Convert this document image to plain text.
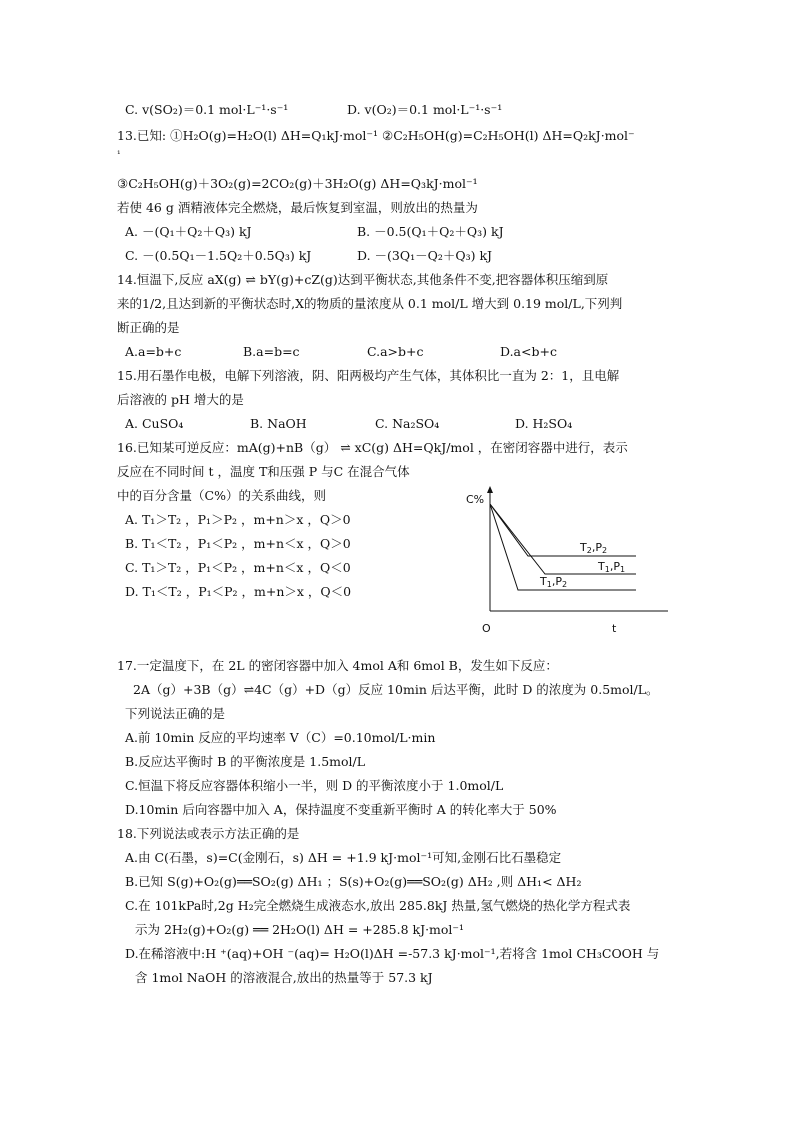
C. v(SO₂)＝0.1 mol·L⁻¹·s⁻¹	D. v(O₂)＝0.1 mol·L⁻¹·s⁻¹
13.已知: ①H₂O(g)=H₂O(l) ΔH=Q₁kJ·mol⁻¹ ②C₂H₅OH(g)=C₂H₅OH(l) ΔH=Q₂kJ·mol⁻
¹
③C₂H₅OH(g)＋3O₂(g)=2CO₂(g)＋3H₂O(g) ΔH=Q₃kJ·mol⁻¹
若使 46 g 酒精液体完全燃烧，最后恢复到室温，则放出的热量为
A. －(Q₁＋Q₂＋Q₃) kJ	B. －0.5(Q₁＋Q₂＋Q₃) kJ
C. －(0.5Q₁－1.5Q₂＋0.5Q₃) kJ	D. －(3Q₁－Q₂＋Q₃) kJ
14.恒温下,反应 aX(g) ⇌ bY(g)+cZ(g)达到平衡状态,其他条件不变,把容器体积压缩到原
来的1/2,且达到新的平衡状态时,X的物质的量浓度从 0.1 mol/L 增大到 0.19 mol/L,下列判
断正确的是
A.a=b+c	B.a=b=c	C.a>b+c	D.a<b+c
15.用石墨作电极，电解下列溶液，阴、阳两极均产生气体，其体积比一直为 2：1，且电解
后溶液的 pH 增大的是
A. CuSO₄	B. NaOH	C. Na₂SO₄	D. H₂SO₄
16.已知某可逆反应：mA(g)+nB（g） ⇌ xC(g) ΔH=QkJ/mol ，在密闭容器中进行，表示
反应在不同时间 t ，温度 T和压强 P 与C 在混合气体
中的百分含量（C%）的关系曲线，则
A. T₁＞T₂ ，P₁＞P₂ ，m+n＞x ，Q＞0
B. T₁＜T₂ ，P₁＜P₂ ，m+n＜x ，Q＞0
C. T₁＞T₂ ，P₁＜P₂ ，m+n＜x ，Q＜0
D. T₁＜T₂ ，P₁＜P₂ ，m+n＞x ，Q＜0
C%
O	t
T2,P2
T1,P1
T1,P2
17.一定温度下，在 2L 的密闭容器中加入 4mol A和 6mol B，发生如下反应：
2A（g）+3B（g）⇌4C（g）+D（g）反应 10min 后达平衡，此时 D 的浓度为 0.5mol/L。
下列说法正确的是
A.前 10min 反应的平均速率 V（C）=0.10mol/L·min
B.反应达平衡时 B 的平衡浓度是 1.5mol/L
C.恒温下将反应容器体积缩小一半，则 D 的平衡浓度小于 1.0mol/L
D.10min 后向容器中加入 A，保持温度不变重新平衡时 A 的转化率大于 50%
18.下列说法或表示方法正确的是
A.由 C(石墨，s)=C(金刚石，s) ΔH = +1.9 kJ·mol⁻¹可知,金刚石比石墨稳定
B.已知 S(g)+O₂(g)══SO₂(g) ΔH₁ ；S(s)+O₂(g)══SO₂(g) ΔH₂ ,则 ΔH₁< ΔH₂
C.在 101kPa时,2g H₂完全燃烧生成液态水,放出 285.8kJ 热量,氢气燃烧的热化学方程式表
示为 2H₂(g)+O₂(g) ══ 2H₂O(l) ΔH = +285.8 kJ·mol⁻¹
D.在稀溶液中:H ⁺(aq)+OH ⁻(aq)= H₂O(l)ΔH =-57.3 kJ·mol⁻¹,若将含 1mol CH₃COOH 与
含 1mol NaOH 的溶液混合,放出的热量等于 57.3 kJ
